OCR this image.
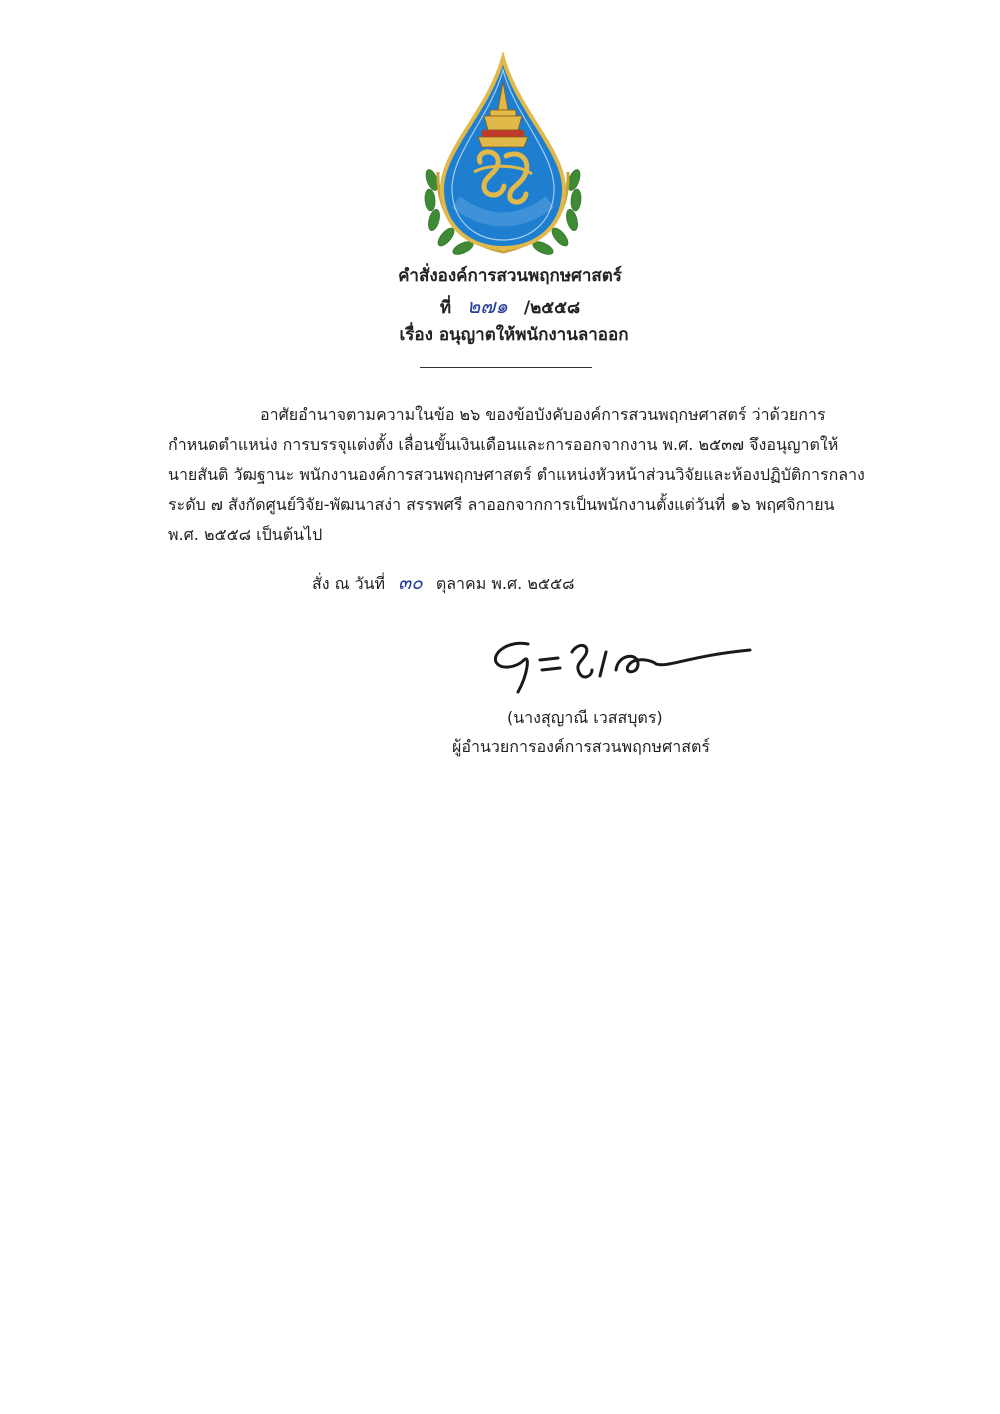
คำสั่งองค์การสวนพฤกษศาสตร์
ที่ ๒๗๑ /๒๕๕๘
เรื่อง อนุญาตให้พนักงานลาออก
อาศัยอำนาจตามความในข้อ ๒๖ ของข้อบังคับองค์การสวนพฤกษศาสตร์ ว่าด้วยการ
กำหนดตำแหน่ง การบรรจุแต่งตั้ง เลื่อนขั้นเงินเดือนและการออกจากงาน พ.ศ. ๒๕๓๗ จึงอนุญาตให้
นายสันติ วัฒฐานะ พนักงานองค์การสวนพฤกษศาสตร์ ตำแหน่งหัวหน้าส่วนวิจัยและห้องปฏิบัติการกลาง
ระดับ ๗ สังกัดศูนย์วิจัย-พัฒนาสง่า สรรพศรี ลาออกจากการเป็นพนักงานตั้งแต่วันที่ ๑๖ พฤศจิกายน
พ.ศ. ๒๕๕๘ เป็นต้นไป
สั่ง ณ วันที่ ๓๐ ตุลาคม พ.ศ. ๒๕๕๘
(นางสุญาณี เวสสบุตร)
ผู้อำนวยการองค์การสวนพฤกษศาสตร์
